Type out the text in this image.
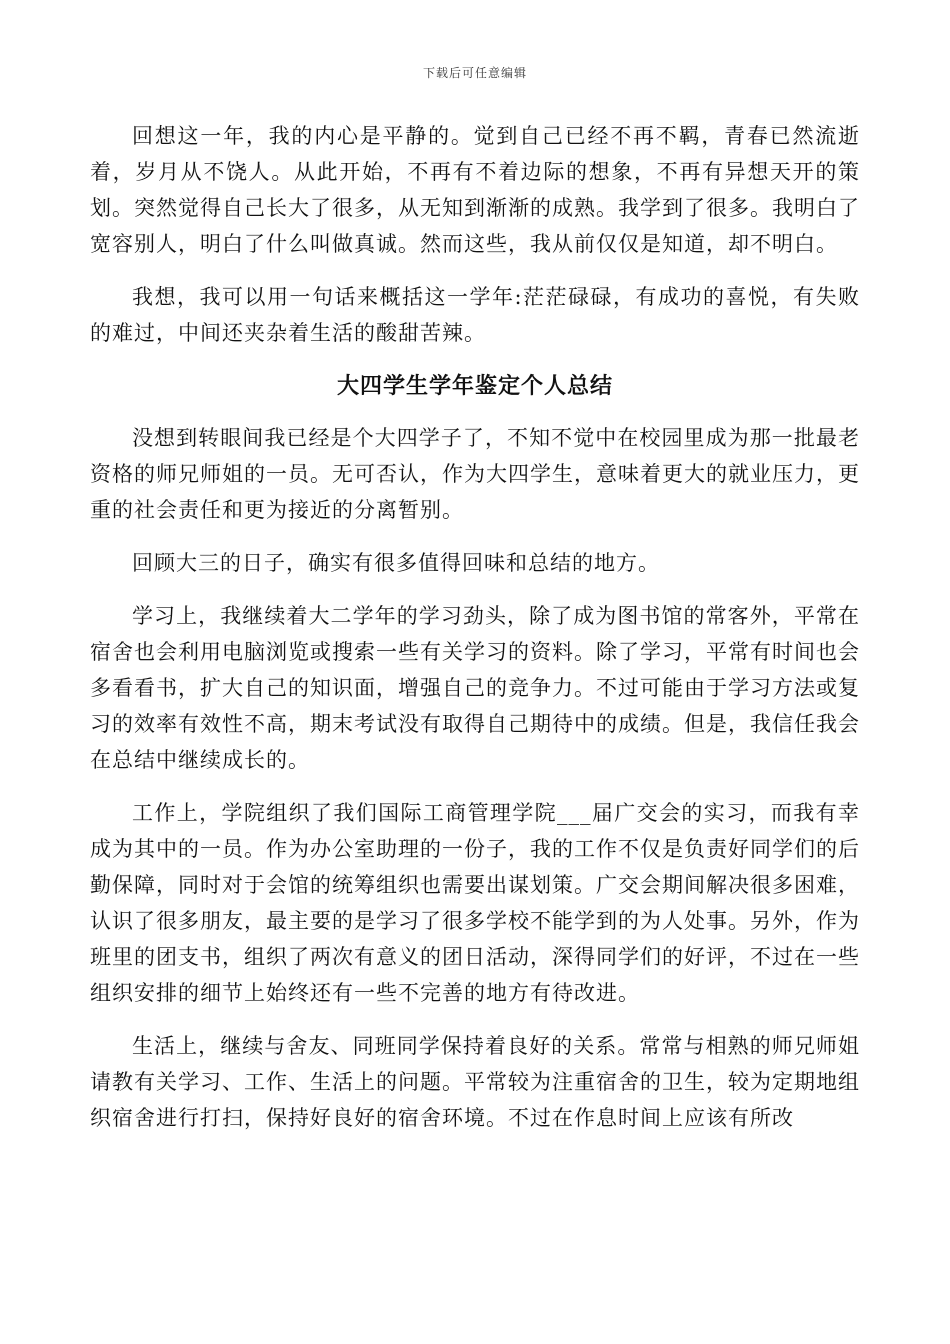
下载后可任意编辑

回想这一年，我的内心是平静的。觉到自己已经不再不羁，青春已然流逝着，岁月从不饶人。从此开始，不再有不着边际的想象，不再有异想天开的策划。突然觉得自己长大了很多，从无知到渐渐的成熟。我学到了很多。我明白了宽容别人，明白了什么叫做真诚。然而这些，我从前仅仅是知道，却不明白。

我想，我可以用一句话来概括这一学年:茫茫碌碌，有成功的喜悦，有失败的难过，中间还夹杂着生活的酸甜苦辣。

大四学生学年鉴定个人总结

没想到转眼间我已经是个大四学子了，不知不觉中在校园里成为那一批最老资格的师兄师姐的一员。无可否认，作为大四学生，意味着更大的就业压力，更重的社会责任和更为接近的分离暂别。

回顾大三的日子，确实有很多值得回味和总结的地方。

学习上，我继续着大二学年的学习劲头，除了成为图书馆的常客外，平常在宿舍也会利用电脑浏览或搜索一些有关学习的资料。除了学习，平常有时间也会多看看书，扩大自己的知识面，增强自己的竞争力。不过可能由于学习方法或复习的效率有效性不高，期末考试没有取得自己期待中的成绩。但是，我信任我会在总结中继续成长的。

工作上，学院组织了我们国际工商管理学院___届广交会的实习，而我有幸成为其中的一员。作为办公室助理的一份子，我的工作不仅是负责好同学们的后勤保障，同时对于会馆的统筹组织也需要出谋划策。广交会期间解决很多困难，认识了很多朋友，最主要的是学习了很多学校不能学到的为人处事。另外，作为班里的团支书，组织了两次有意义的团日活动，深得同学们的好评，不过在一些组织安排的细节上始终还有一些不完善的地方有待改进。

生活上，继续与舍友、同班同学保持着良好的关系。常常与相熟的师兄师姐请教有关学习、工作、生活上的问题。平常较为注重宿舍的卫生，较为定期地组织宿舍进行打扫，保持好良好的宿舍环境。不过在作息时间上应该有所改
